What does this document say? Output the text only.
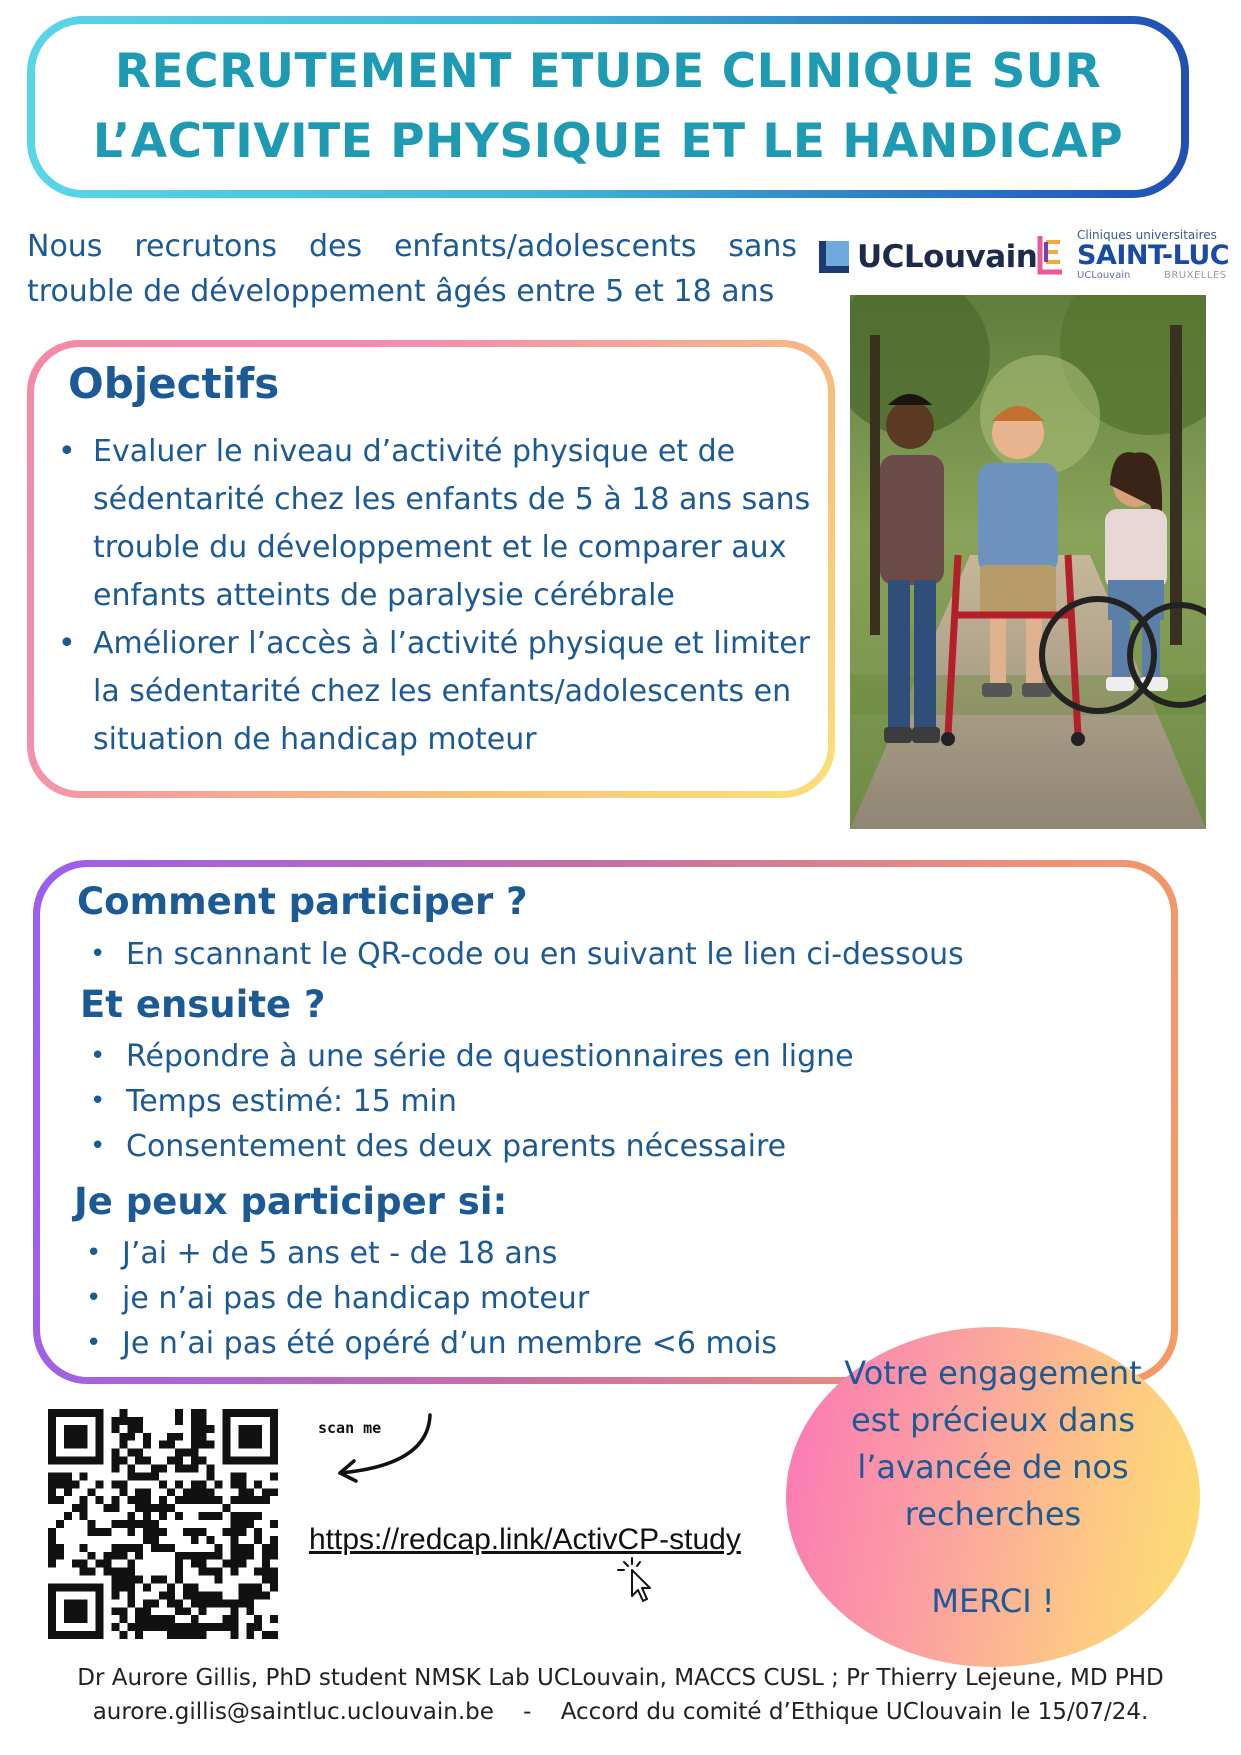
RECRUTEMENT ETUDE CLINIQUE SUR
L’ACTIVITE PHYSIQUE ET LE HANDICAP
Nous recrutons des enfants/adolescents sans
trouble de développement âgés entre 5 et 18 ans
UCLouvain
Cliniques universitaires
SAINT-LUC
UCLouvain	BRUXELLES
Objectifs
• Evaluer le niveau d’activité physique et de sédentarité chez les enfants de 5 à 18 ans sans trouble du développement et le comparer aux enfants atteints de paralysie cérébrale
• Améliorer l’accès à l’activité physique et limiter la sédentarité chez les enfants/adolescents en situation de handicap moteur
Comment participer ?
• En scannant le QR-code ou en suivant le lien ci-dessous
Et ensuite ?
• Répondre à une série de questionnaires en ligne
• Temps estimé: 15 min
• Consentement des deux parents nécessaire
Je peux participer si:
• J’ai + de 5 ans et - de 18 ans
• je n’ai pas de handicap moteur
• Je n’ai pas été opéré d’un membre <6 mois
Votre engagement
est précieux dans
l’avancée de nos
recherches
MERCI !
scan me
https://redcap.link/ActivCP-study
Dr Aurore Gillis, PhD student NMSK Lab UCLouvain, MACCS CUSL ; Pr Thierry Lejeune, MD PHD
aurore.gillis@saintluc.uclouvain.be    -    Accord du comité d’Ethique UClouvain le 15/07/24.
